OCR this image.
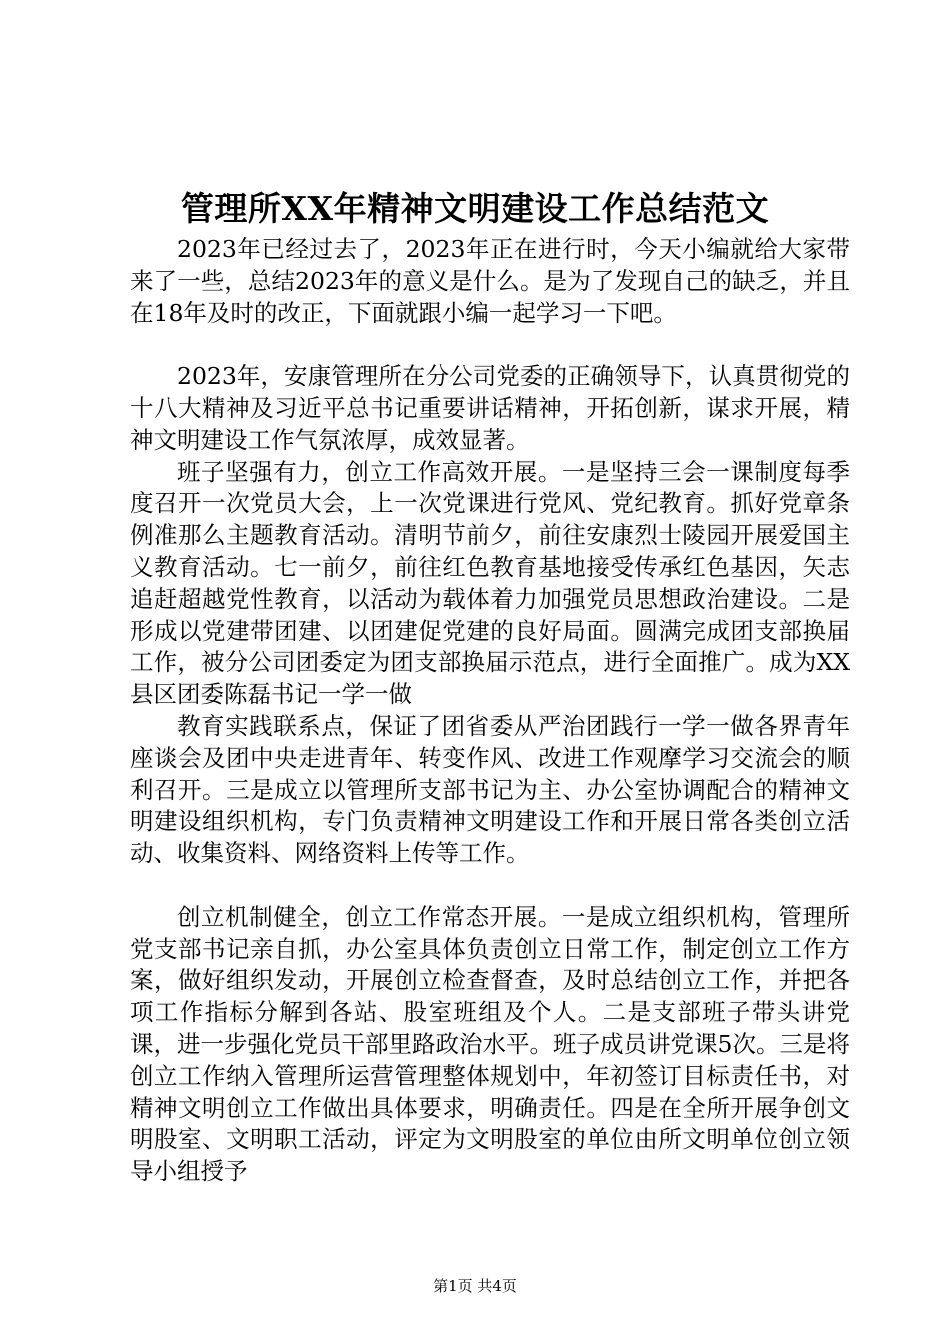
管理所XX年精神文明建设工作总结范文

2023年已经过去了，2023年正在进行时，今天小编就给大家带来了一些，总结2023年的意义是什么。是为了发现自己的缺乏，并且在18年及时的改正，下面就跟小编一起学习一下吧。

2023年，安康管理所在分公司党委的正确领导下，认真贯彻党的十八大精神及习近平总书记重要讲话精神，开拓创新，谋求开展，精神文明建设工作气氛浓厚，成效显著。

班子坚强有力，创立工作高效开展。一是坚持三会一课制度每季度召开一次党员大会，上一次党课进行党风、党纪教育。抓好党章条例准那么主题教育活动。清明节前夕，前往安康烈士陵园开展爱国主义教育活动。七一前夕，前往红色教育基地接受传承红色基因，矢志追赶超越党性教育，以活动为载体着力加强党员思想政治建设。二是形成以党建带团建、以团建促党建的良好局面。圆满完成团支部换届工作，被分公司团委定为团支部换届示范点，进行全面推广。成为XX县区团委陈磊书记一学一做

教育实践联系点，保证了团省委从严治团践行一学一做各界青年座谈会及团中央走进青年、转变作风、改进工作观摩学习交流会的顺利召开。三是成立以管理所支部书记为主、办公室协调配合的精神文明建设组织机构，专门负责精神文明建设工作和开展日常各类创立活动、收集资料、网络资料上传等工作。

创立机制健全，创立工作常态开展。一是成立组织机构，管理所党支部书记亲自抓，办公室具体负责创立日常工作，制定创立工作方案，做好组织发动，开展创立检查督查，及时总结创立工作，并把各项工作指标分解到各站、股室班组及个人。二是支部班子带头讲党课，进一步强化党员干部里路政治水平。班子成员讲党课5次。三是将创立工作纳入管理所运营管理整体规划中，年初签订目标责任书，对精神文明创立工作做出具体要求，明确责任。四是在全所开展争创文明股室、文明职工活动，评定为文明股室的单位由所文明单位创立领导小组授予

第1页 共4页
